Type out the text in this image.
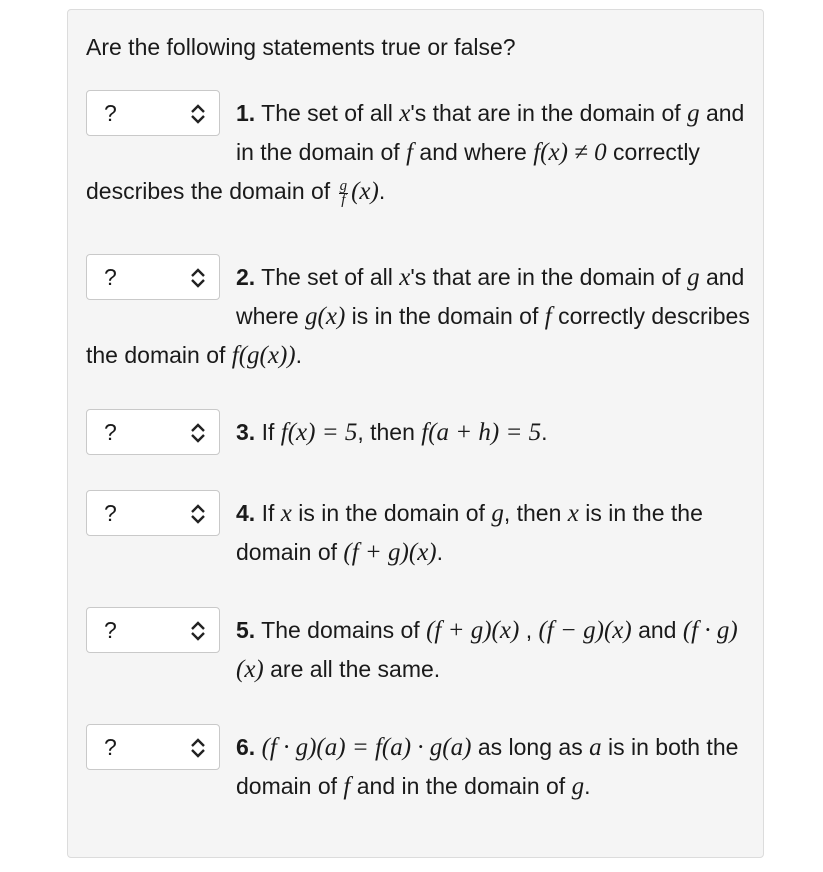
Are the following statements true or false?
?	1. The set of all x's that are in the domain of g and in the domain of f and where f(x) ≠ 0 correctly describes the domain of $\frac{g}{f} (x)$.
?	2. The set of all x's that are in the domain of g and where g(x) is in the domain of f correctly describes the domain of f(g(x)).
?	3. If f(x) = 5, then f(a + h) = 5.
?	4. If x is in the domain of g, then x is in the the domain of (f + g)(x).
?	5. The domains of (f + g)(x) , (f − g)(x) and (f · g)(x) are all the same.
?	6. (f · g)(a) = f(a) · g(a) as long as a is in both the domain of f and in the domain of g.
